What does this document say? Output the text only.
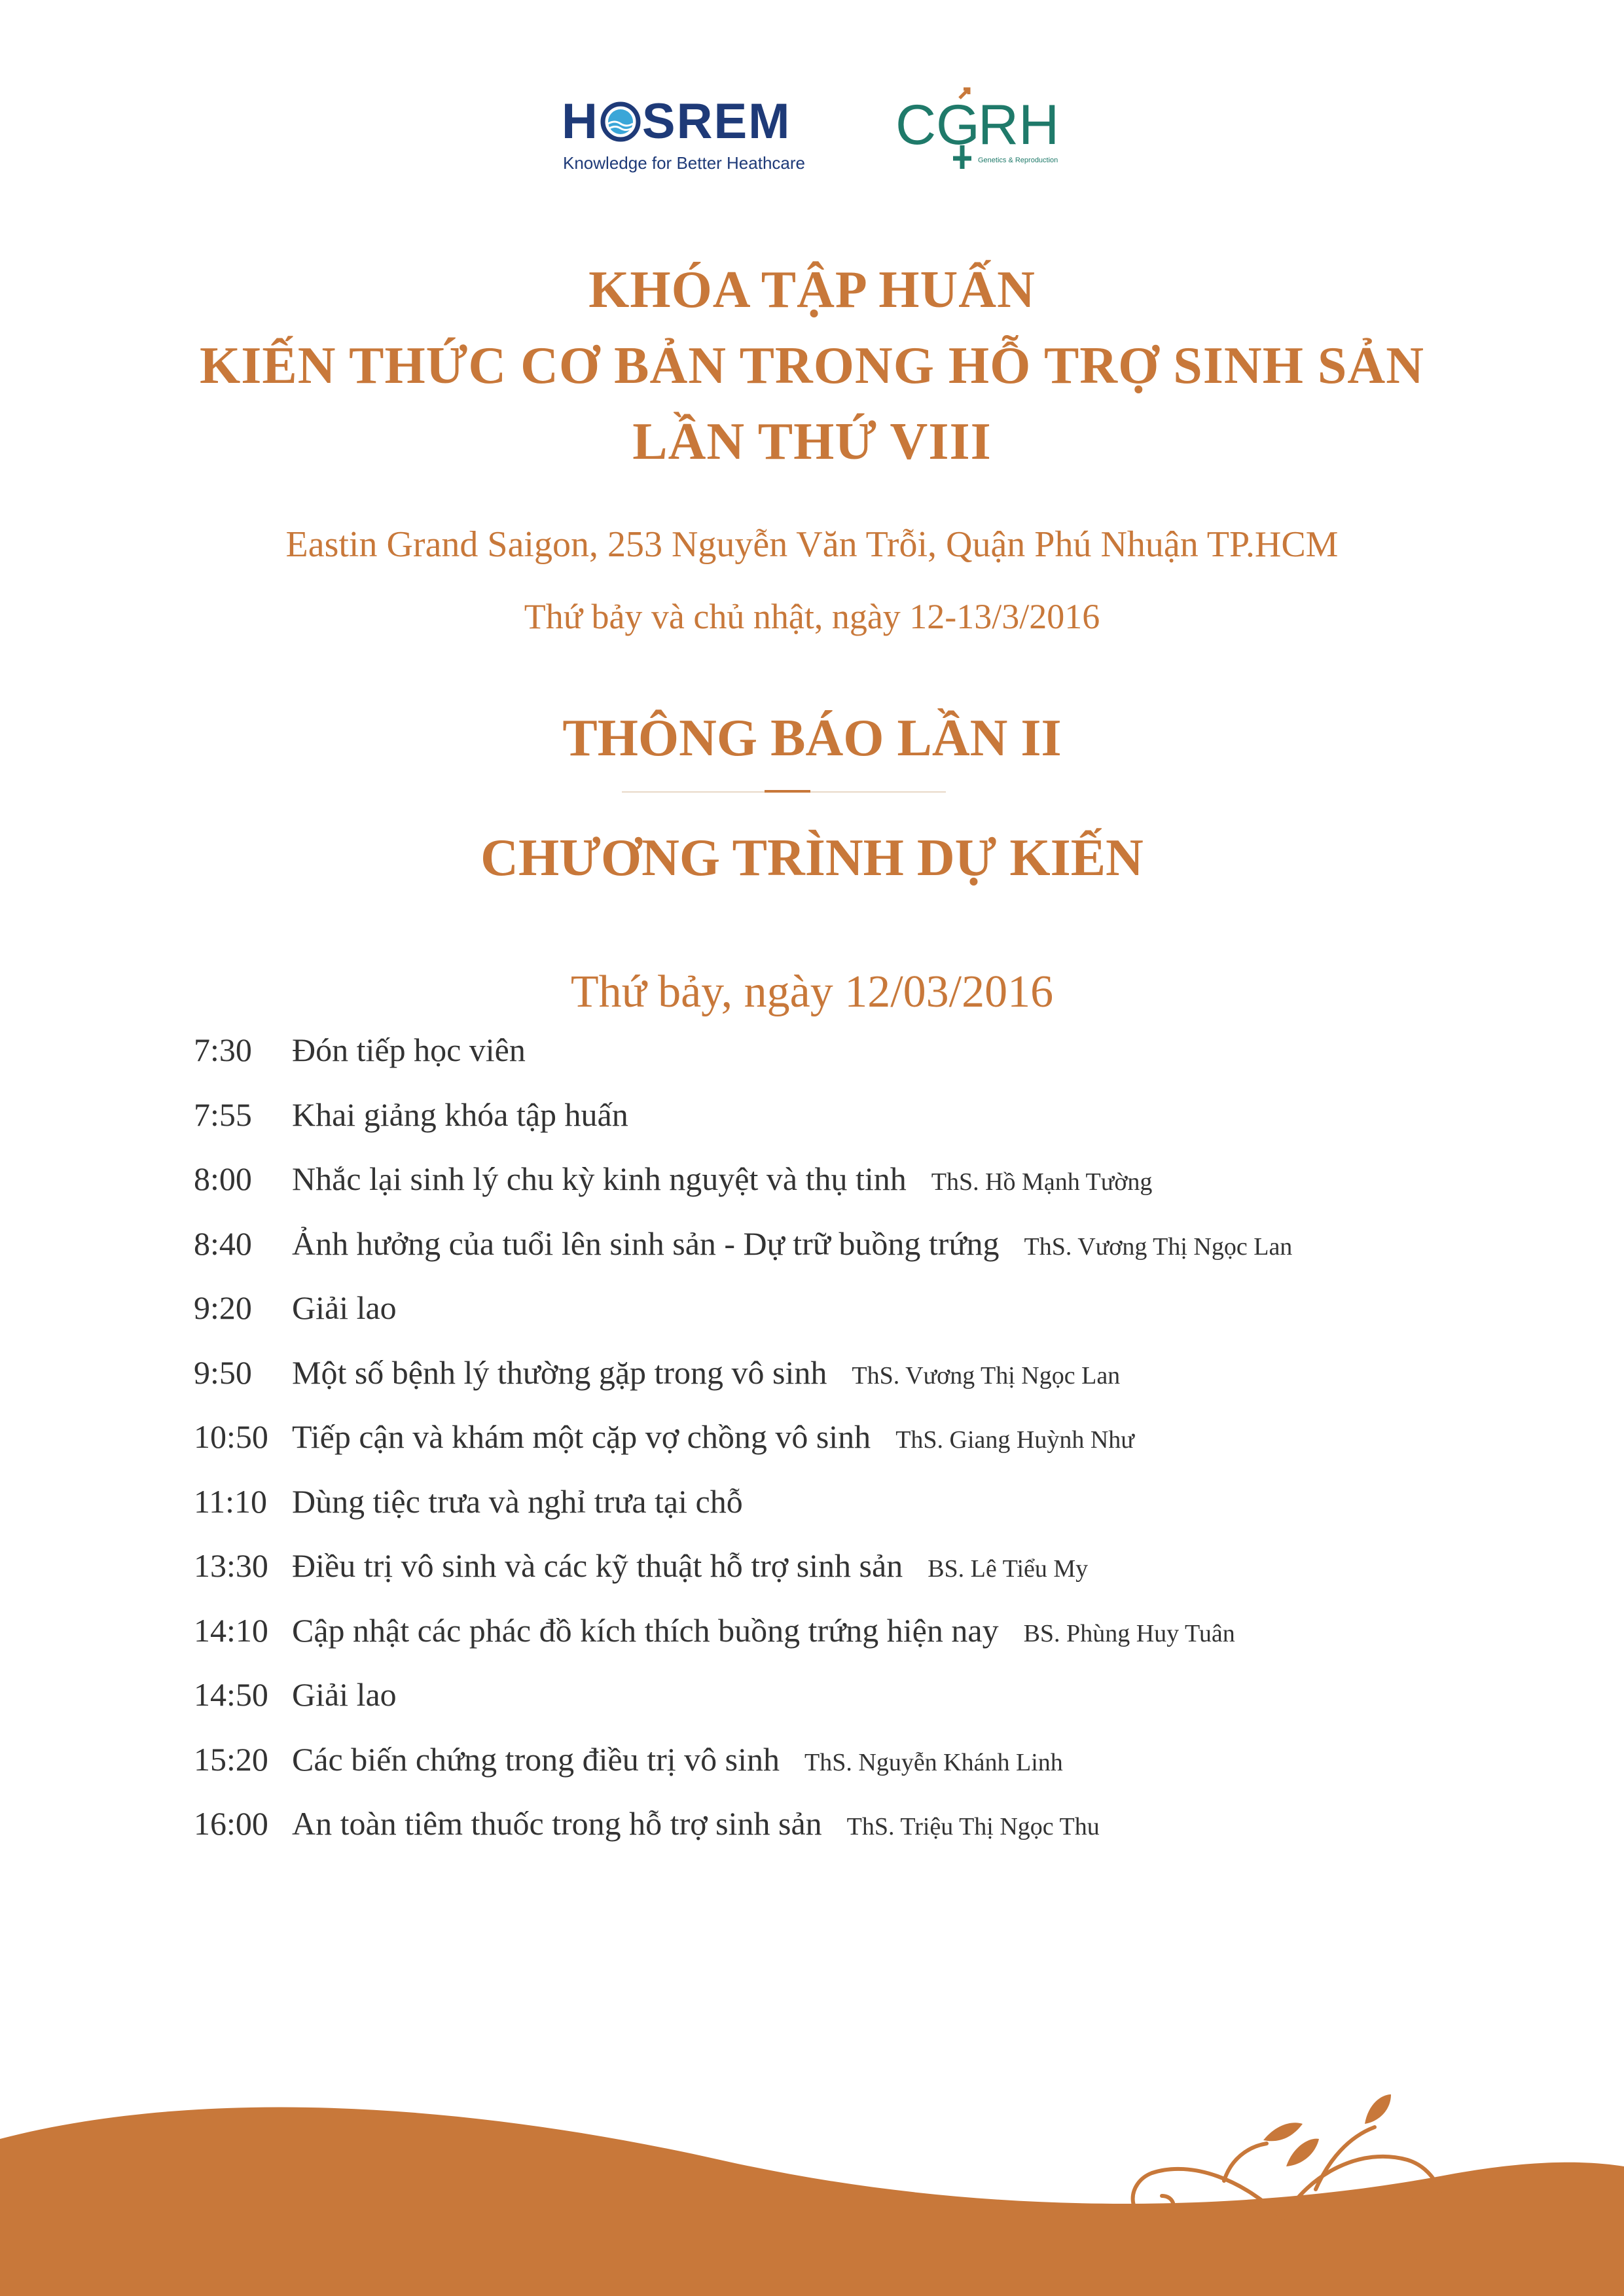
H SREM
Knowledge for Better Heathcare
C G
RH
Genetics & Reproduction
KHÓA TẬP HUẤN
KIẾN THỨC CƠ BẢN TRONG HỖ TRỢ SINH SẢN
LẦN THỨ VIII
Eastin Grand Saigon, 253 Nguyễn Văn Trỗi, Quận Phú Nhuận TP.HCM
Thứ bảy và chủ nhật, ngày 12-13/3/2016
THÔNG BÁO LẦN II
CHƯƠNG TRÌNH DỰ KIẾN
Thứ bảy, ngày 12/03/2016
7:30	Đón tiếp học viên
7:55	Khai giảng khóa tập huấn
8:00	Nhắc lại sinh lý chu kỳ kinh nguyệt và thụ tinh ThS. Hồ Mạnh Tường
8:40	Ảnh hưởng của tuổi lên sinh sản - Dự trữ buồng trứng ThS. Vương Thị Ngọc Lan
9:20	Giải lao
9:50	Một số bệnh lý thường gặp trong vô sinh ThS. Vương Thị Ngọc Lan
10:50 Tiếp cận và khám một cặp vợ chồng vô sinh ThS. Giang Huỳnh Như
11:10 Dùng tiệc trưa và nghỉ trưa tại chỗ
13:30 Điều trị vô sinh và các kỹ thuật hỗ trợ sinh sản BS. Lê Tiểu My
14:10 Cập nhật các phác đồ kích thích buồng trứng hiện nay BS. Phùng Huy Tuân
14:50 Giải lao
15:20 Các biến chứng trong điều trị vô sinh ThS. Nguyễn Khánh Linh
16:00 An toàn tiêm thuốc trong hỗ trợ sinh sản ThS. Triệu Thị Ngọc Thu
